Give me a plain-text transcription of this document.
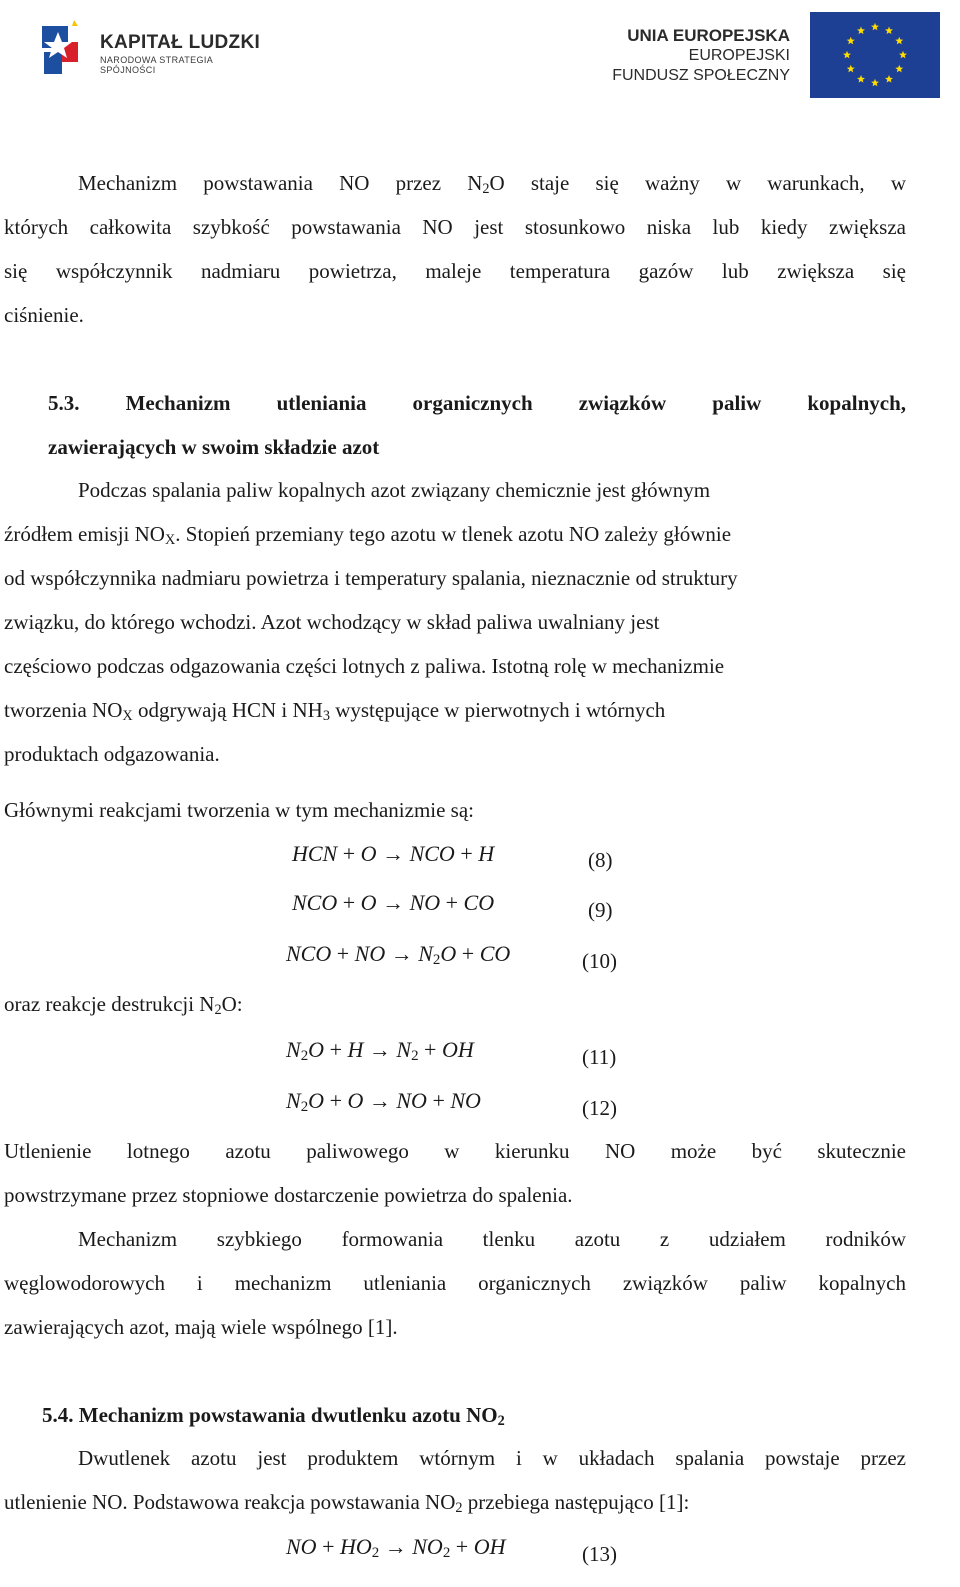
KAPITAŁ LUDZKI
NARODOWA STRATEGIA SPÓJNOŚCI
UNIA EUROPEJSKA
EUROPEJSKI
FUNDUSZ SPOŁECZNY
Mechanizm powstawania NO przez $N_2O$ staje się ważny w warunkach, w
których całkowita szybkość powstawania NO jest stosunkowo niska lub kiedy zwiększa
się współczynnik nadmiaru powietrza, maleje temperatura gazów lub zwiększa się
ciśnienie.
5.3. Mechanizm utleniania organicznych związków paliw kopalnych,
zawierających w swoim składzie azot
Podczas spalania paliw kopalnych azot związany chemicznie jest głównym
źródłem emisji $NO_X$. Stopień przemiany tego azotu w tlenek azotu NO zależy głównie
od współczynnika nadmiaru powietrza i temperatury spalania, nieznacznie od struktury
związku, do którego wchodzi. Azot wchodzący w skład paliwa uwalniany jest
częściowo podczas odgazowania części lotnych z paliwa. Istotną rolę w mechanizmie
tworzenia $NO_X$ odgrywają HCN i $NH_3$ występujące w pierwotnych i wtórnych
produktach odgazowania.
Głównymi reakcjami tworzenia w tym mechanizmie są:
HCN + O → NCO + H	(8)
NCO + O → NO + CO	(9)
NCO + NO → $N_2O$ + CO	(10)
oraz reakcje destrukcji $N_2O$:
$N_2O + H \to N_2$ + OH	(11)
$N_2O + O$ → NO + NO	(12)
Utlenienie lotnego azotu paliwowego w kierunku NO może być skutecznie
powstrzymane przez stopniowe dostarczenie powietrza do spalenia.
Mechanizm szybkiego formowania tlenku azotu z udziałem rodników
węglowodorowych i mechanizm utleniania organicznych związków paliw kopalnych
zawierających azot, mają wiele wspólnego [1].
5.4. Mechanizm powstawania dwutlenku azotu $NO_2$
Dwutlenek azotu jest produktem wtórnym i w układach spalania powstaje przez
utlenienie NO. Podstawowa reakcja powstawania $NO_2$ przebiega następująco [1]:
NO + $HO_2 \to NO_2$ + OH	(13)
